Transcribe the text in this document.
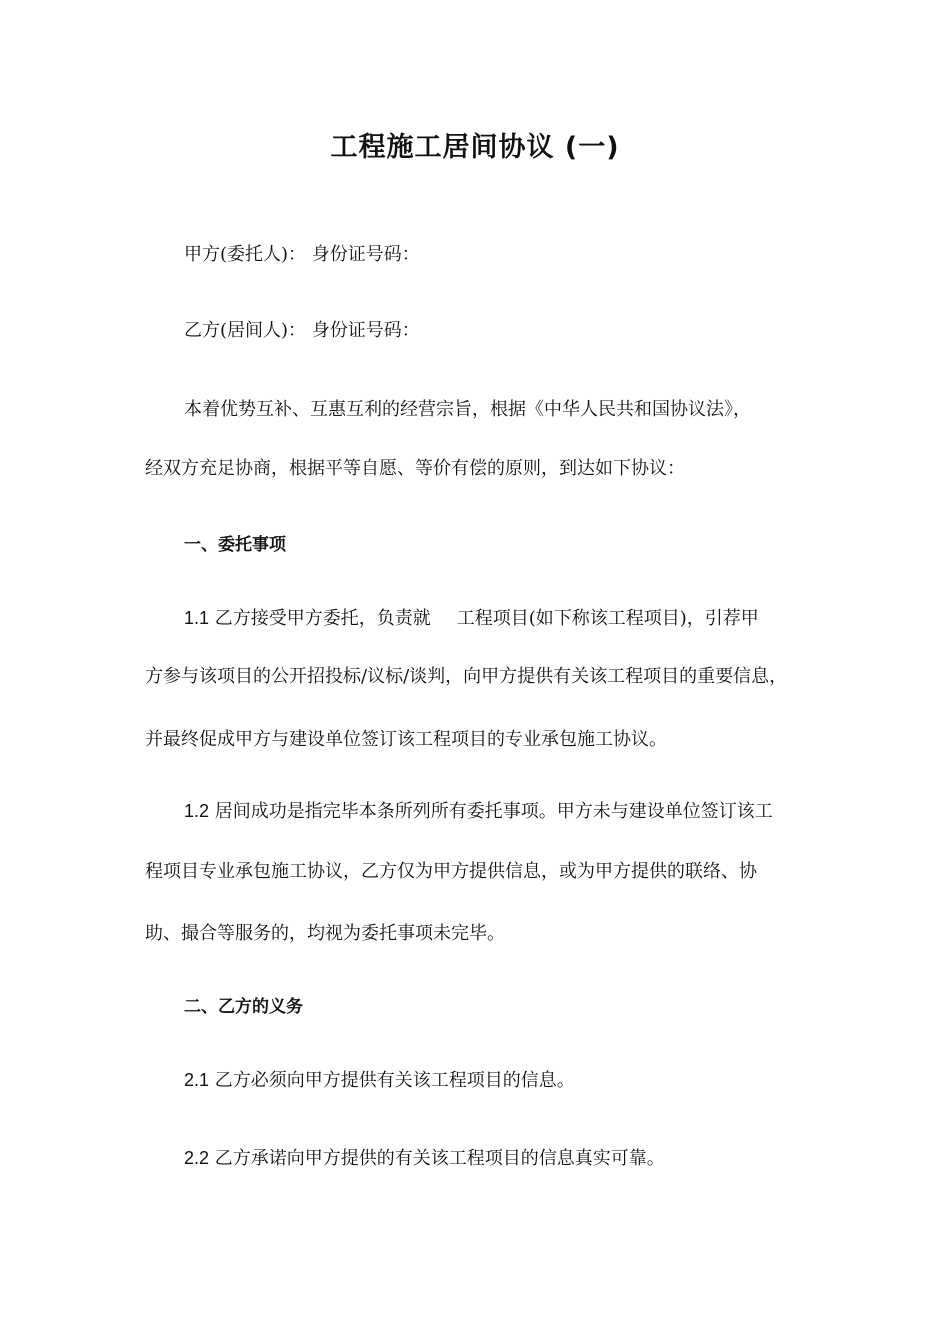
工程施工居间协议 (一)
甲方(委托人)： 身份证号码：
乙方(居间人)： 身份证号码：
本着优势互补、互惠互利的经营宗旨，根据《中华人民共和国协议法》，
经双方充足协商，根据平等自愿、等价有偿的原则，到达如下协议：
一、委托事项
1.1 乙方接受甲方委托，负责就 工程项目(如下称该工程项目)，引荐甲
方参与该项目的公开招投标/议标/谈判，向甲方提供有关该工程项目的重要信息，
并最终促成甲方与建设单位签订该工程项目的专业承包施工协议。
1.2 居间成功是指完毕本条所列所有委托事项。甲方未与建设单位签订该工
程项目专业承包施工协议，乙方仅为甲方提供信息，或为甲方提供的联络、协
助、撮合等服务的，均视为委托事项未完毕。
二、乙方的义务
2.1 乙方必须向甲方提供有关该工程项目的信息。
2.2 乙方承诺向甲方提供的有关该工程项目的信息真实可靠。
